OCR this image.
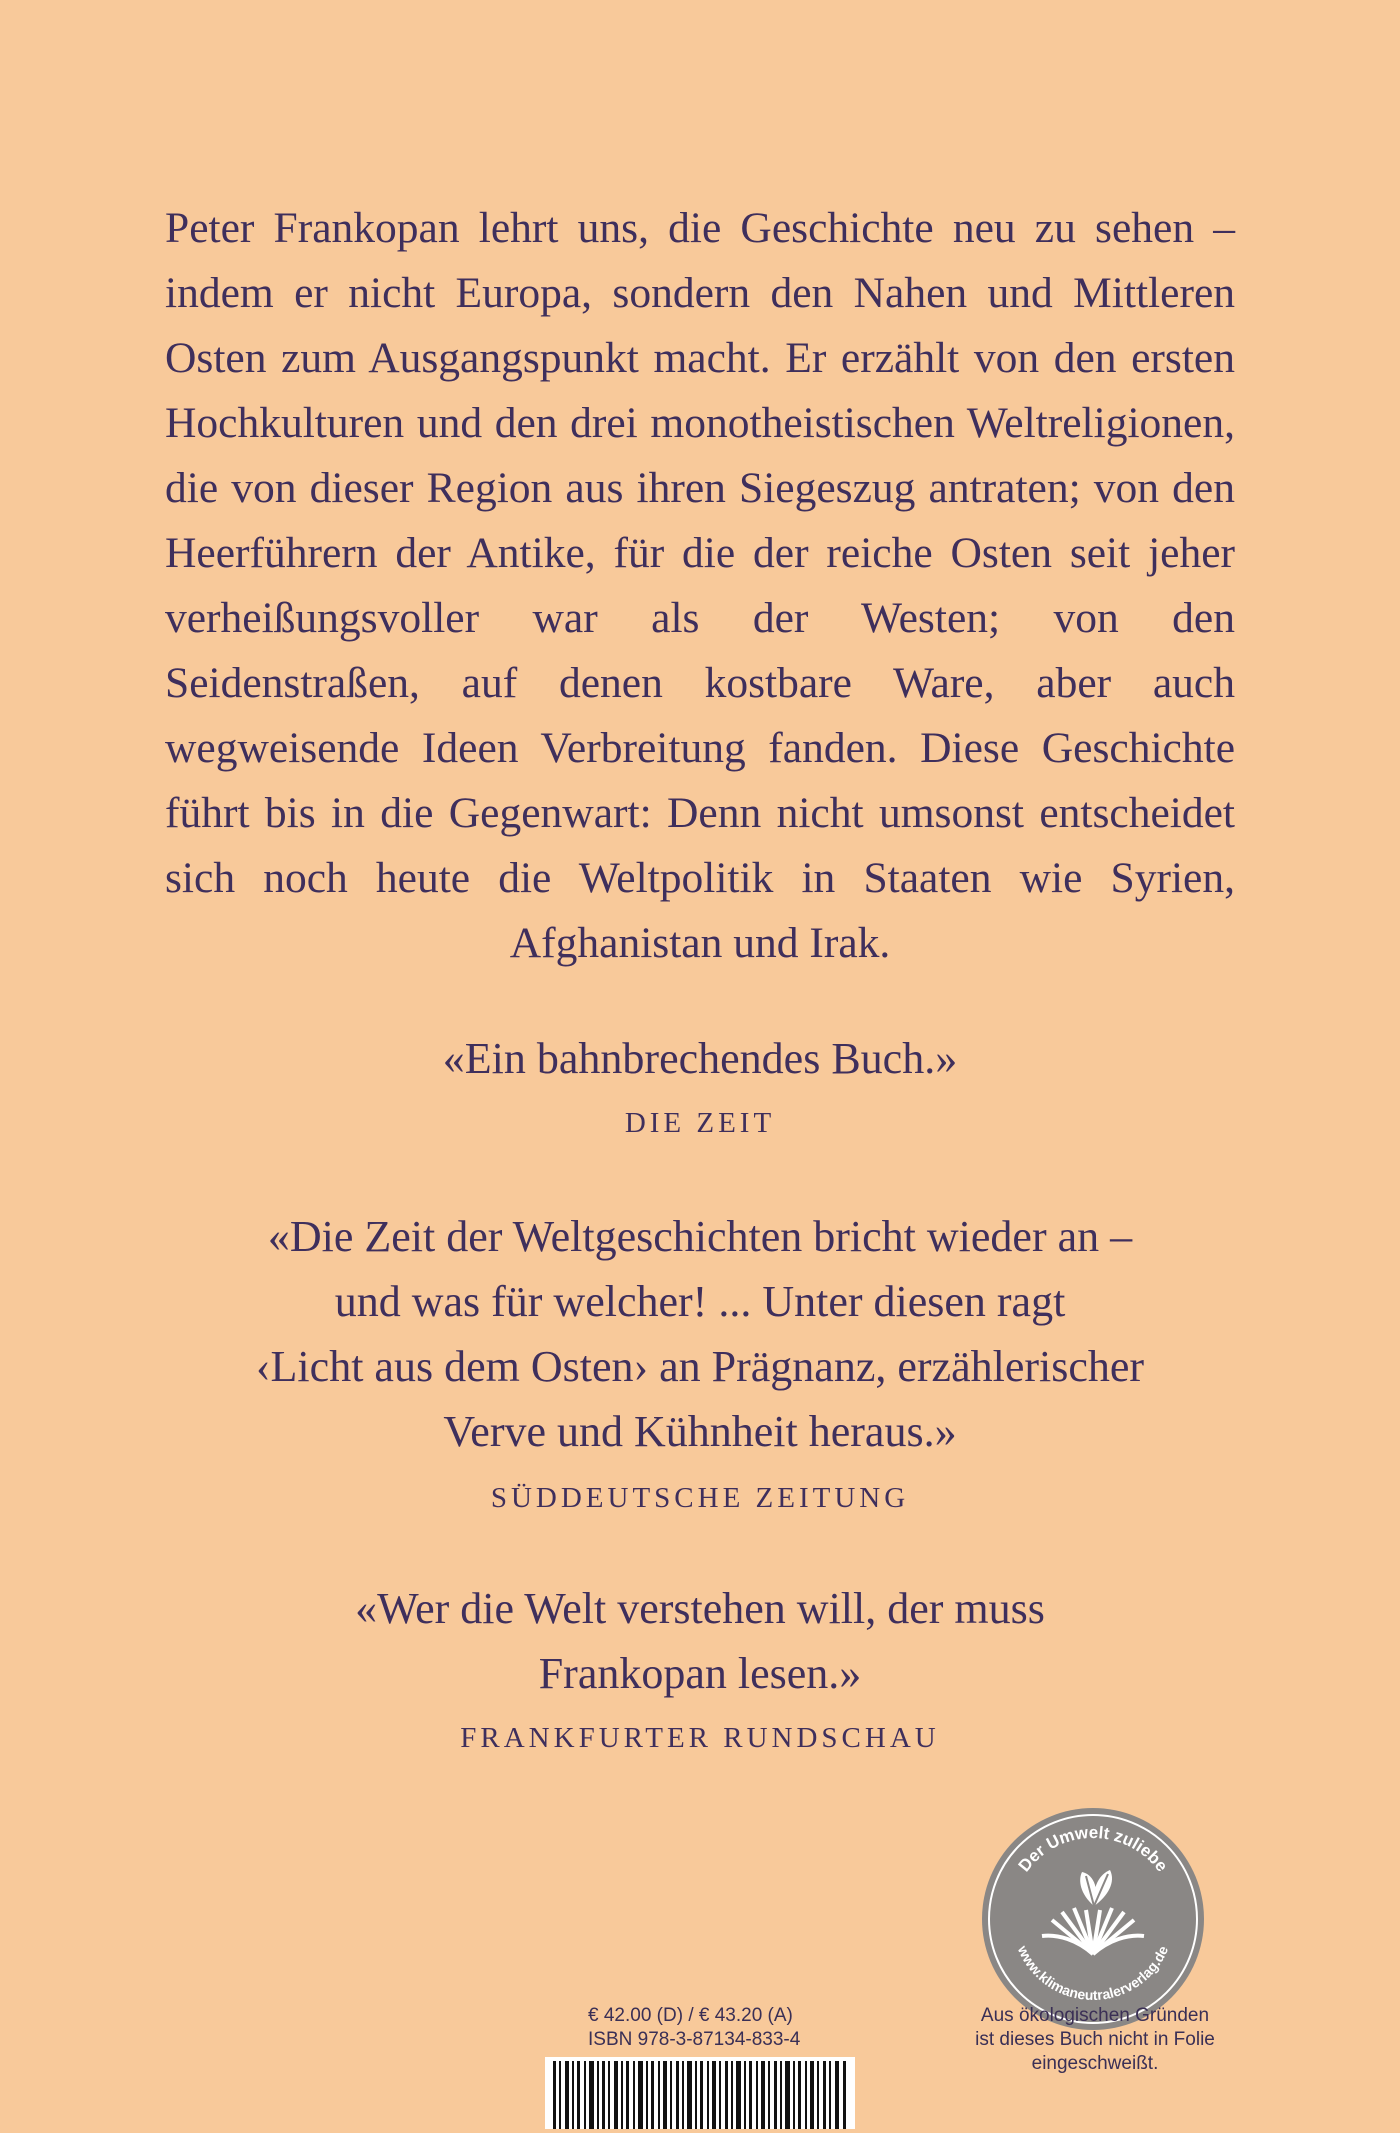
Peter Frankopan lehrt uns, die Geschichte neu zu sehen – indem er nicht Europa, sondern den Nahen und Mittleren Osten zum Ausgangspunkt macht. Er erzählt von den ersten Hochkulturen und den drei monotheistischen Weltreligionen, die von dieser Region aus ihren Siegeszug antraten; von den Heerführern der Antike, für die der reiche Osten seit jeher verheißungsvoller war als der Westen; von den Seidenstraßen, auf denen kostbare Ware, aber auch wegweisende Ideen Verbreitung fanden. Diese Geschichte führt bis in die Gegenwart: Denn nicht umsonst entscheidet sich noch heute die Weltpolitik in Staaten wie Syrien, Afghanistan und Irak.

«Ein bahnbrechendes Buch.»

DIE ZEIT

«Die Zeit der Weltgeschichten bricht wieder an –

und was für welcher! ... Unter diesen ragt

‹Licht aus dem Osten› an Prägnanz, erzählerischer

Verve und Kühnheit heraus.»

SÜDDEUTSCHE ZEITUNG

«Wer die Welt verstehen will, der muss

Frankopan lesen.»

FRANKFURTER RUNDSCHAU

Der Umwelt zuliebe
www.klimaneutralerverlag.de
€ 42.00 (D) / € 43.20 (A)
ISBN 978-3-87134-833-4
Aus ökologischen Gründen
ist dieses Buch nicht in Folie
eingeschweißt.
